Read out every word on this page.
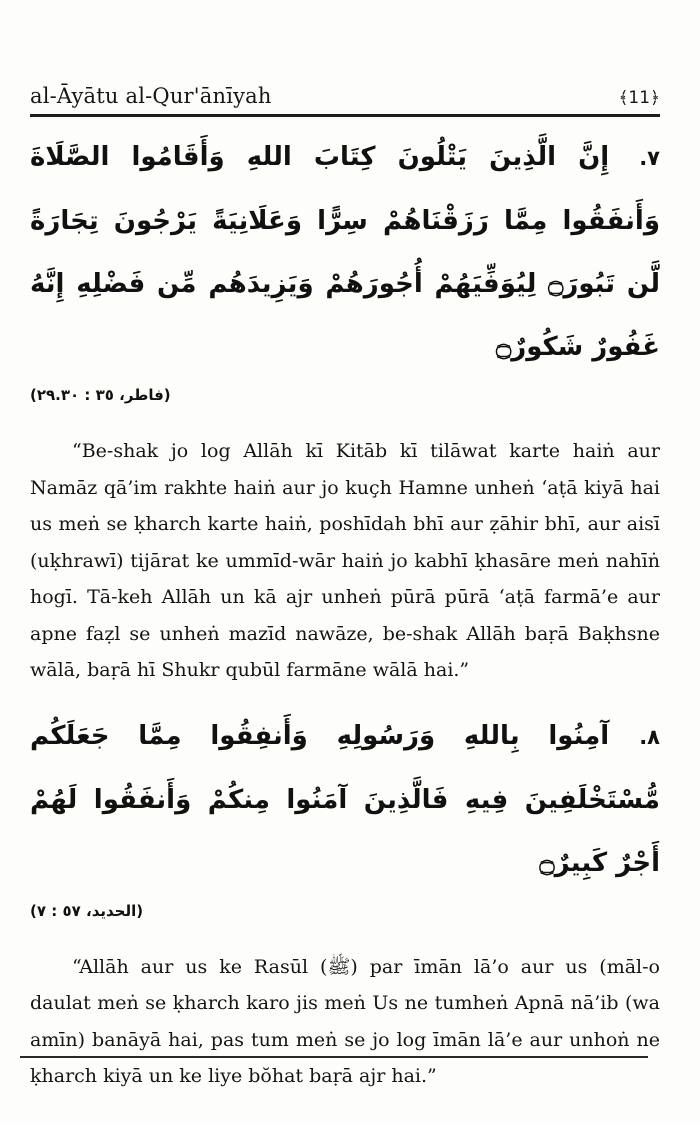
al-Āyātu al-Qur'ānīyah	﴾11﴿
٧.إِنَّ الَّذِينَ يَتْلُونَ كِتَابَ اللهِ وَأَقَامُوا الصَّلَاةَ وَأَنفَقُوا مِمَّا رَزَقْنَاهُمْ سِرًّا وَعَلَانِيَةً يَرْجُونَ تِجَارَةً لَّن تَبُورَ۝ لِيُوَفِّيَهُمْ أُجُورَهُمْ وَيَزِيدَهُم مِّن فَضْلِهِ إِنَّهُ غَفُورٌ شَكُورٌ۝
(فاطر، ٣٥ : ٢٩.٣٠)

“Be-shak jo log Allāh kī Kitāb kī tilāwat karte haiṅ aur Namāz qā’im rakhte haiṅ aur jo kuçh Hamne unheṅ ‘aṭā kiyā hai us meṅ se ḳharch karte haiṅ, poshīdah bhī aur ẓāhir bhī, aur aisī (uḳhrawī) tijārat ke ummīd-wār haiṅ jo kabhī ḳhasāre meṅ nahīṅ hogī. Tā-keh Allāh un kā ajr unheṅ pūrā pūrā ‘aṭā farmā’e aur apne faẓl se unheṅ mazīd nawāze, be-shak Allāh baṛā Baḳhsne wālā, baṛā hī Shukr qubūl farmāne wālā hai.”

٨.آمِنُوا بِاللهِ وَرَسُولِهِ وَأَنفِقُوا مِمَّا جَعَلَكُم مُّسْتَخْلَفِينَ فِيهِ فَالَّذِينَ آمَنُوا مِنكُمْ وَأَنفَقُوا لَهُمْ أَجْرٌ كَبِيرٌ۝
(الحديد، ٥٧ : ٧)

“Allāh aur us ke Rasūl (ﷺ) par īmān lā’o aur us (māl-o daulat meṅ se ḳharch karo jis meṅ Us ne tumheṅ Apnā nā’ib (wa amīn) banāyā hai, pas tum meṅ se jo log īmān lā’e aur unhoṅ ne ḳharch kiyā un ke liye bŏhat baṛā ajr hai.”
